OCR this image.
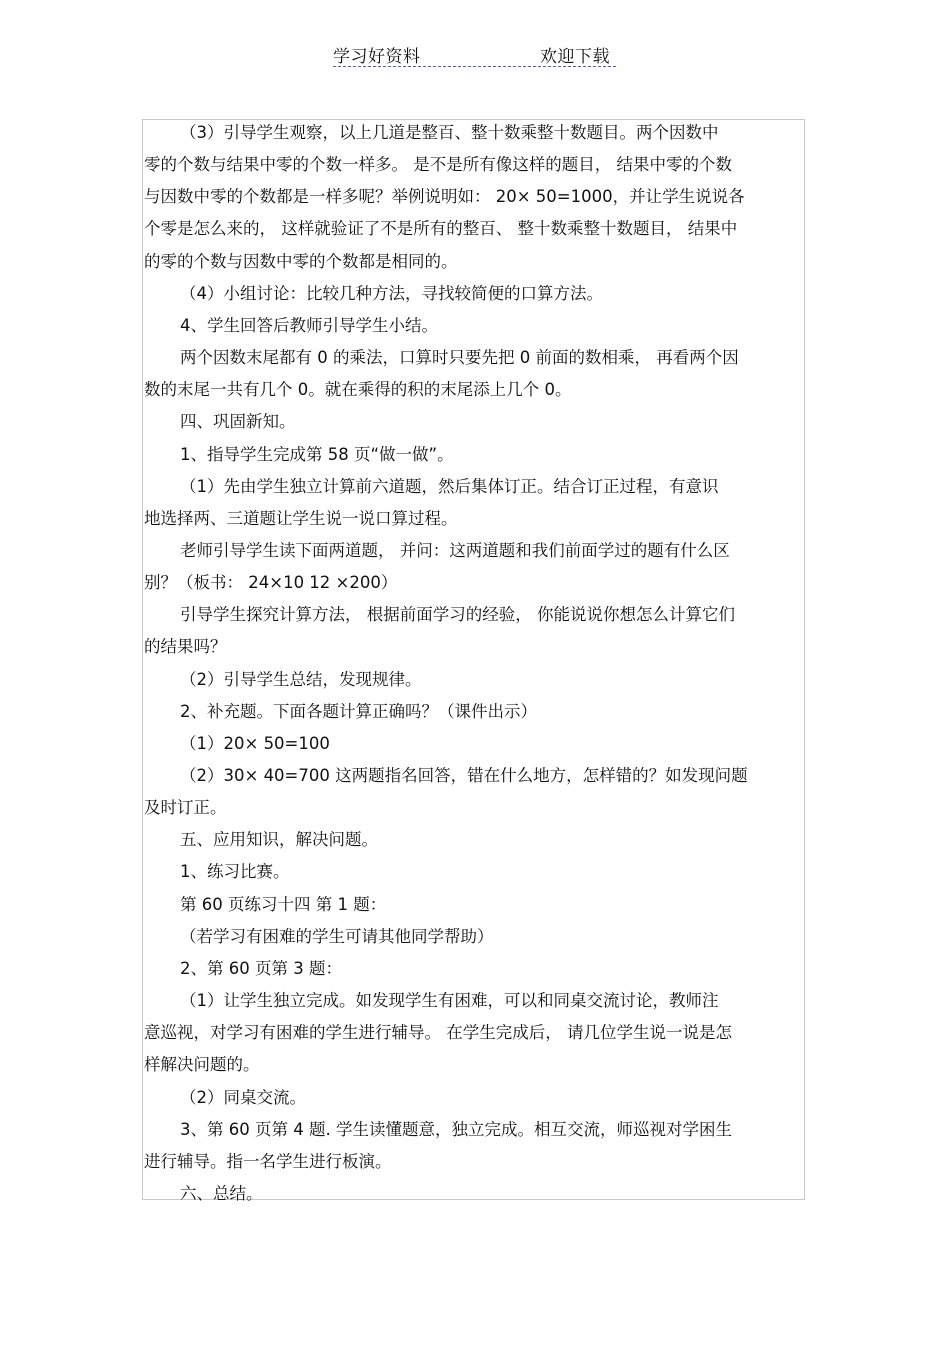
学习好资料	欢迎下载
（3）引导学生观察，以上几道是整百、整十数乘整十数题目。两个因数中
零的个数与结果中零的个数一样多。 是不是所有像这样的题目， 结果中零的个数
与因数中零的个数都是一样多呢？举例说明如： 20× 50=1000，并让学生说说各
个零是怎么来的， 这样就验证了不是所有的整百、 整十数乘整十数题目， 结果中
的零的个数与因数中零的个数都是相同的。
（4）小组讨论：比较几种方法，寻找较简便的口算方法。
4、学生回答后教师引导学生小结。
两个因数末尾都有 0 的乘法，口算时只要先把 0 前面的数相乘， 再看两个因
数的末尾一共有几个 0。就在乘得的积的末尾添上几个 0。
四、巩固新知。
1、指导学生完成第 58 页“做一做”。
（1）先由学生独立计算前六道题，然后集体订正。结合订正过程，有意识
地选择两、三道题让学生说一说口算过程。
老师引导学生读下面两道题， 并问：这两道题和我们前面学过的题有什么区
别？（板书： 24×10 12 ×200）
引导学生探究计算方法， 根据前面学习的经验， 你能说说你想怎么计算它们
的结果吗？
（2）引导学生总结，发现规律。
2、补充题。下面各题计算正确吗？（课件出示）
（1）20× 50=100
（2）30× 40=700 这两题指名回答，错在什么地方，怎样错的？如发现问题
及时订正。
五、应用知识，解决问题。
1、练习比赛。
第 60 页练习十四 第 1 题：
（若学习有困难的学生可请其他同学帮助）
2、第 60 页第 3 题：
（1）让学生独立完成。如发现学生有困难，可以和同桌交流讨论，教师注
意巡视，对学习有困难的学生进行辅导。 在学生完成后， 请几位学生说一说是怎
样解决问题的。
（2）同桌交流。
3、第 60 页第 4 题. 学生读懂题意，独立完成。相互交流，师巡视对学困生
进行辅导。指一名学生进行板演。
六、总结。
